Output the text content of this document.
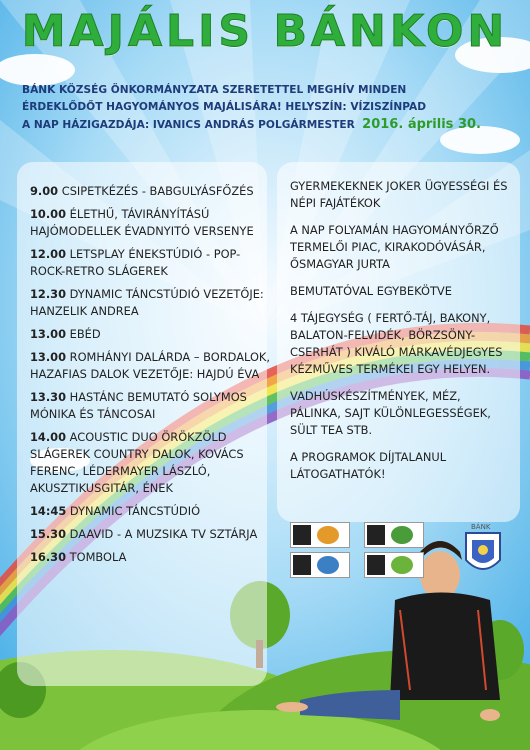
MAJÁLIS BÁNKON
BÁNK KÖZSÉG ÖNKORMÁNYZATA SZERETETTEL MEGHÍV MINDEN
ÉRDEKLŐDŐT HAGYOMÁNYOS MAJÁLISÁRA! HELYSZÍN: VÍZISZÍNPAD
A NAP HÁZIGAZDÁJA: IVANICS ANDRÁS POLGÁRMESTER 2016. április 30.
9.00 CSIPETKÉZÉS - BABGULYÁSFŐZÉS
10.00 ÉLETHŰ, TÁVIRÁNYÍTÁSÚ HAJÓMODELLEK ÉVADNYITÓ VERSENYE
12.00 LETSPLAY ÉNEKSTÚDIÓ - POP-ROCK-RETRO SLÁGEREK
12.30 DYNAMIC TÁNCSTÚDIÓ VEZETŐJE: HANZELIK ANDREA
13.00 EBÉD
13.00 ROMHÁNYI DALÁRDA – BORDALOK, HAZAFIAS DALOK VEZETŐJE: HAJDÚ ÉVA
13.30 HASTÁNC BEMUTATÓ SOLYMOS MÓNIKA ÉS TÁNCOSAI
14.00 ACOUSTIC DUO ÖRÖKZÖLD SLÁGEREK COUNTRY DALOK, KOVÁCS FERENC, LÉDERMAYER LÁSZLÓ, AKUSZTIKUSGITÁR, ÉNEK
14:45 DYNAMIC TÁNCSTÚDIÓ
15.30 DAAVID - A MUZSIKA TV SZTÁRJA
16.30 TOMBOLA

GYERMEKEKNEK JOKER ÜGYESSÉGI ÉS NÉPI FAJÁTÉKOK

A NAP FOLYAMÁN HAGYOMÁNYŐRZŐ TERMELŐI PIAC, KIRAKODÓVÁSÁR, ŐSMAGYAR JURTA

BEMUTATÓVAL EGYBEKÖTVE

4 TÁJEGYSÉG ( FERTŐ-TÁJ, BAKONY, BALATON-FELVIDÉK, BÖRZSÖNY-CSERHÁT ) KIVÁLÓ MÁRKAVÉDJEGYES KÉZMŰVES TERMÉKEI EGY HELYEN.

VADHÚSKÉSZÍTMÉNYEK, MÉZ, PÁLINKA, SAJT KÜLÖNLEGESSÉGEK, SÜLT TEA STB.

A PROGRAMOK DÍJTALANUL LÁTOGATHATÓK!

BÁNK
